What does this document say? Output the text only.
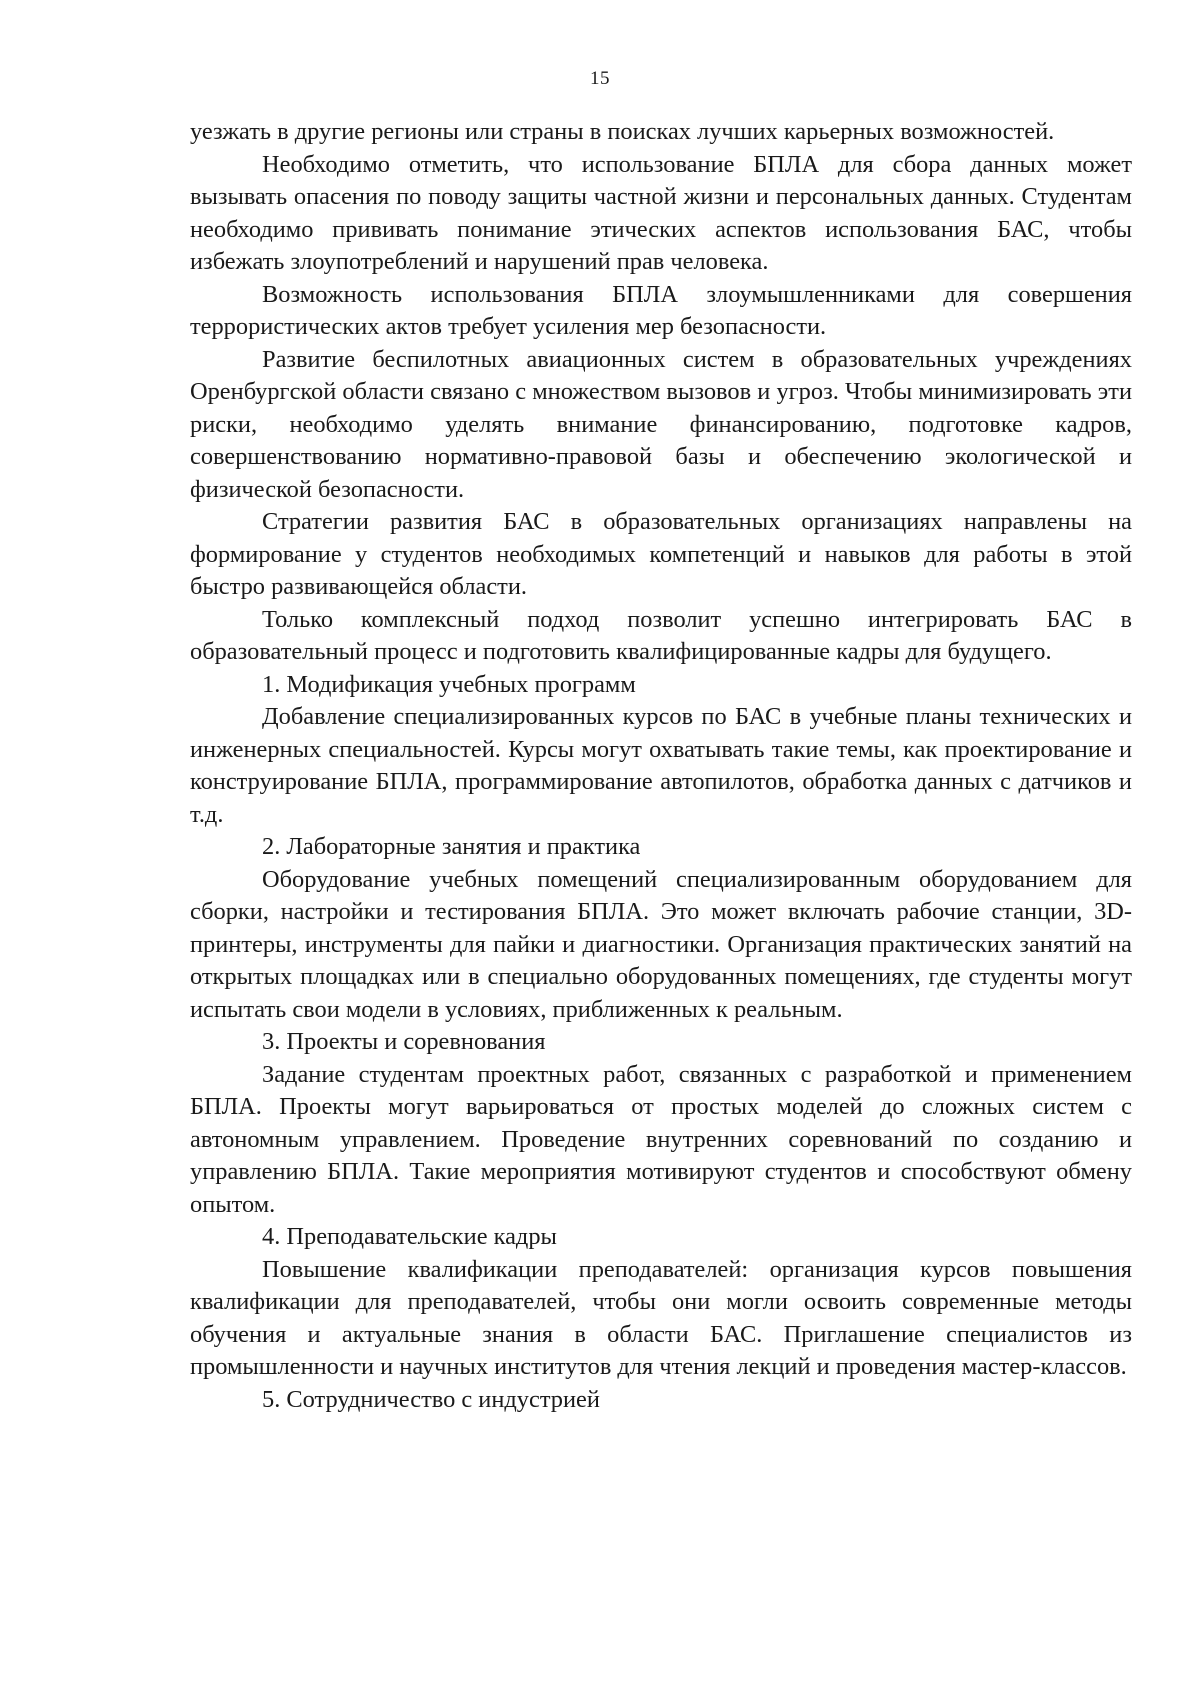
15

уезжать в другие регионы или страны в поисках лучших карьерных возможностей.

Необходимо отметить, что использование БПЛА для сбора данных может вызывать опасения по поводу защиты частной жизни и персональных данных. Студентам необходимо прививать понимание этических аспектов использования БАС, чтобы избежать злоупотреблений и нарушений прав человека.

Возможность использования БПЛА злоумышленниками для совершения террористических актов требует усиления мер безопасности.

Развитие беспилотных авиационных систем в образовательных учреждениях Оренбургской области связано с множеством вызовов и угроз. Чтобы минимизировать эти риски, необходимо уделять внимание финансированию, подготовке кадров, совершенствованию нормативно-правовой базы и обеспечению экологической и физической безопасности.

Стратегии развития БАС в образовательных организациях направлены на формирование у студентов необходимых компетенций и навыков для работы в этой быстро развивающейся области.

Только комплексный подход позволит успешно интегрировать БАС в образовательный процесс и подготовить квалифицированные кадры для будущего.

1. Модификация учебных программ

Добавление специализированных курсов по БАС в учебные планы технических и инженерных специальностей. Курсы могут охватывать такие темы, как проектирование и конструирование БПЛА, программирование автопилотов, обработка данных с датчиков и т.д.

2. Лабораторные занятия и практика

Оборудование учебных помещений специализированным оборудованием для сборки, настройки и тестирования БПЛА. Это может включать рабочие станции, 3D-принтеры, инструменты для пайки и диагностики. Организация практических занятий на открытых площадках или в специально оборудованных помещениях, где студенты могут испытать свои модели в условиях, приближенных к реальным.

3. Проекты и соревнования

Задание студентам проектных работ, связанных с разработкой и применением БПЛА. Проекты могут варьироваться от простых моделей до сложных систем с автономным управлением. Проведение внутренних соревнований по созданию и управлению БПЛА. Такие мероприятия мотивируют студентов и способствуют обмену опытом.

4. Преподавательские кадры

Повышение квалификации преподавателей: организация курсов повышения квалификации для преподавателей, чтобы они могли освоить современные методы обучения и актуальные знания в области БАС. Приглашение специалистов из промышленности и научных институтов для чтения лекций и проведения мастер-классов.

5. Сотрудничество с индустрией
